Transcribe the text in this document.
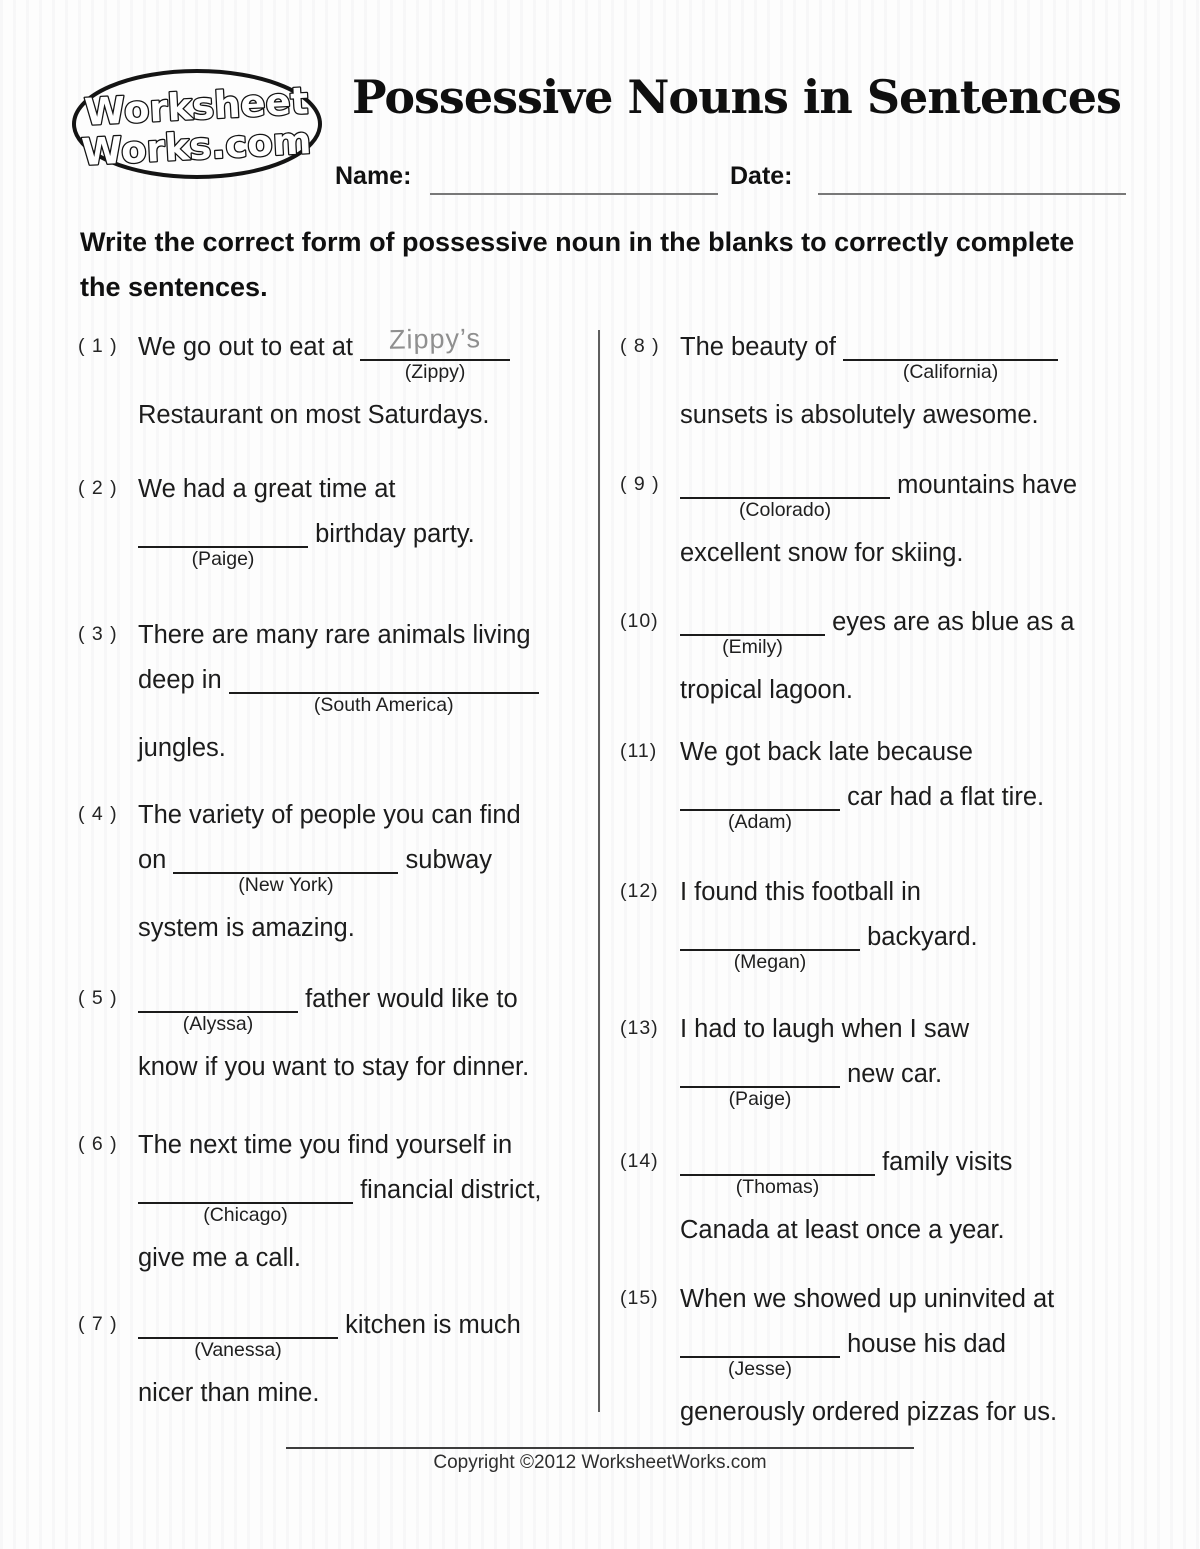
Worksheet
Works.com
Possessive Nouns in Sentences
Name:	Date:

Write the correct form of possessive noun in the blanks to correctly complete the sentences.

( 1 ) We go out to eat at Zippy’s
(Zippy)
Restaurant on most Saturdays.
( 2 ) We had a great time at
(Paige)
birthday party.
( 3 ) There are many rare animals living
deep in
(South America)
jungles.
( 4 ) The variety of people you can find
on
(New York)
subway
system is amazing.
( 5 )
(Alyssa)
father would like to
know if you want to stay for dinner.
( 6 ) The next time you find yourself in
(Chicago)
financial district,
give me a call.
( 7 )
(Vanessa)
kitchen is much
nicer than mine.
( 8 ) The beauty of
(California)
sunsets is absolutely awesome.
( 9 )
(Colorado)
mountains have
excellent snow for skiing.
(10)
(Emily)
eyes are as blue as a
tropical lagoon.
(11) We got back late because
(Adam)
car had a flat tire.
(12) I found this football in
(Megan)
backyard.
(13) I had to laugh when I saw
(Paige)
new car.
(14)
(Thomas)
family visits
Canada at least once a year.
(15) When we showed up uninvited at
(Jesse)
house his dad
generously ordered pizzas for us.
Copyright ©2012 WorksheetWorks.com
